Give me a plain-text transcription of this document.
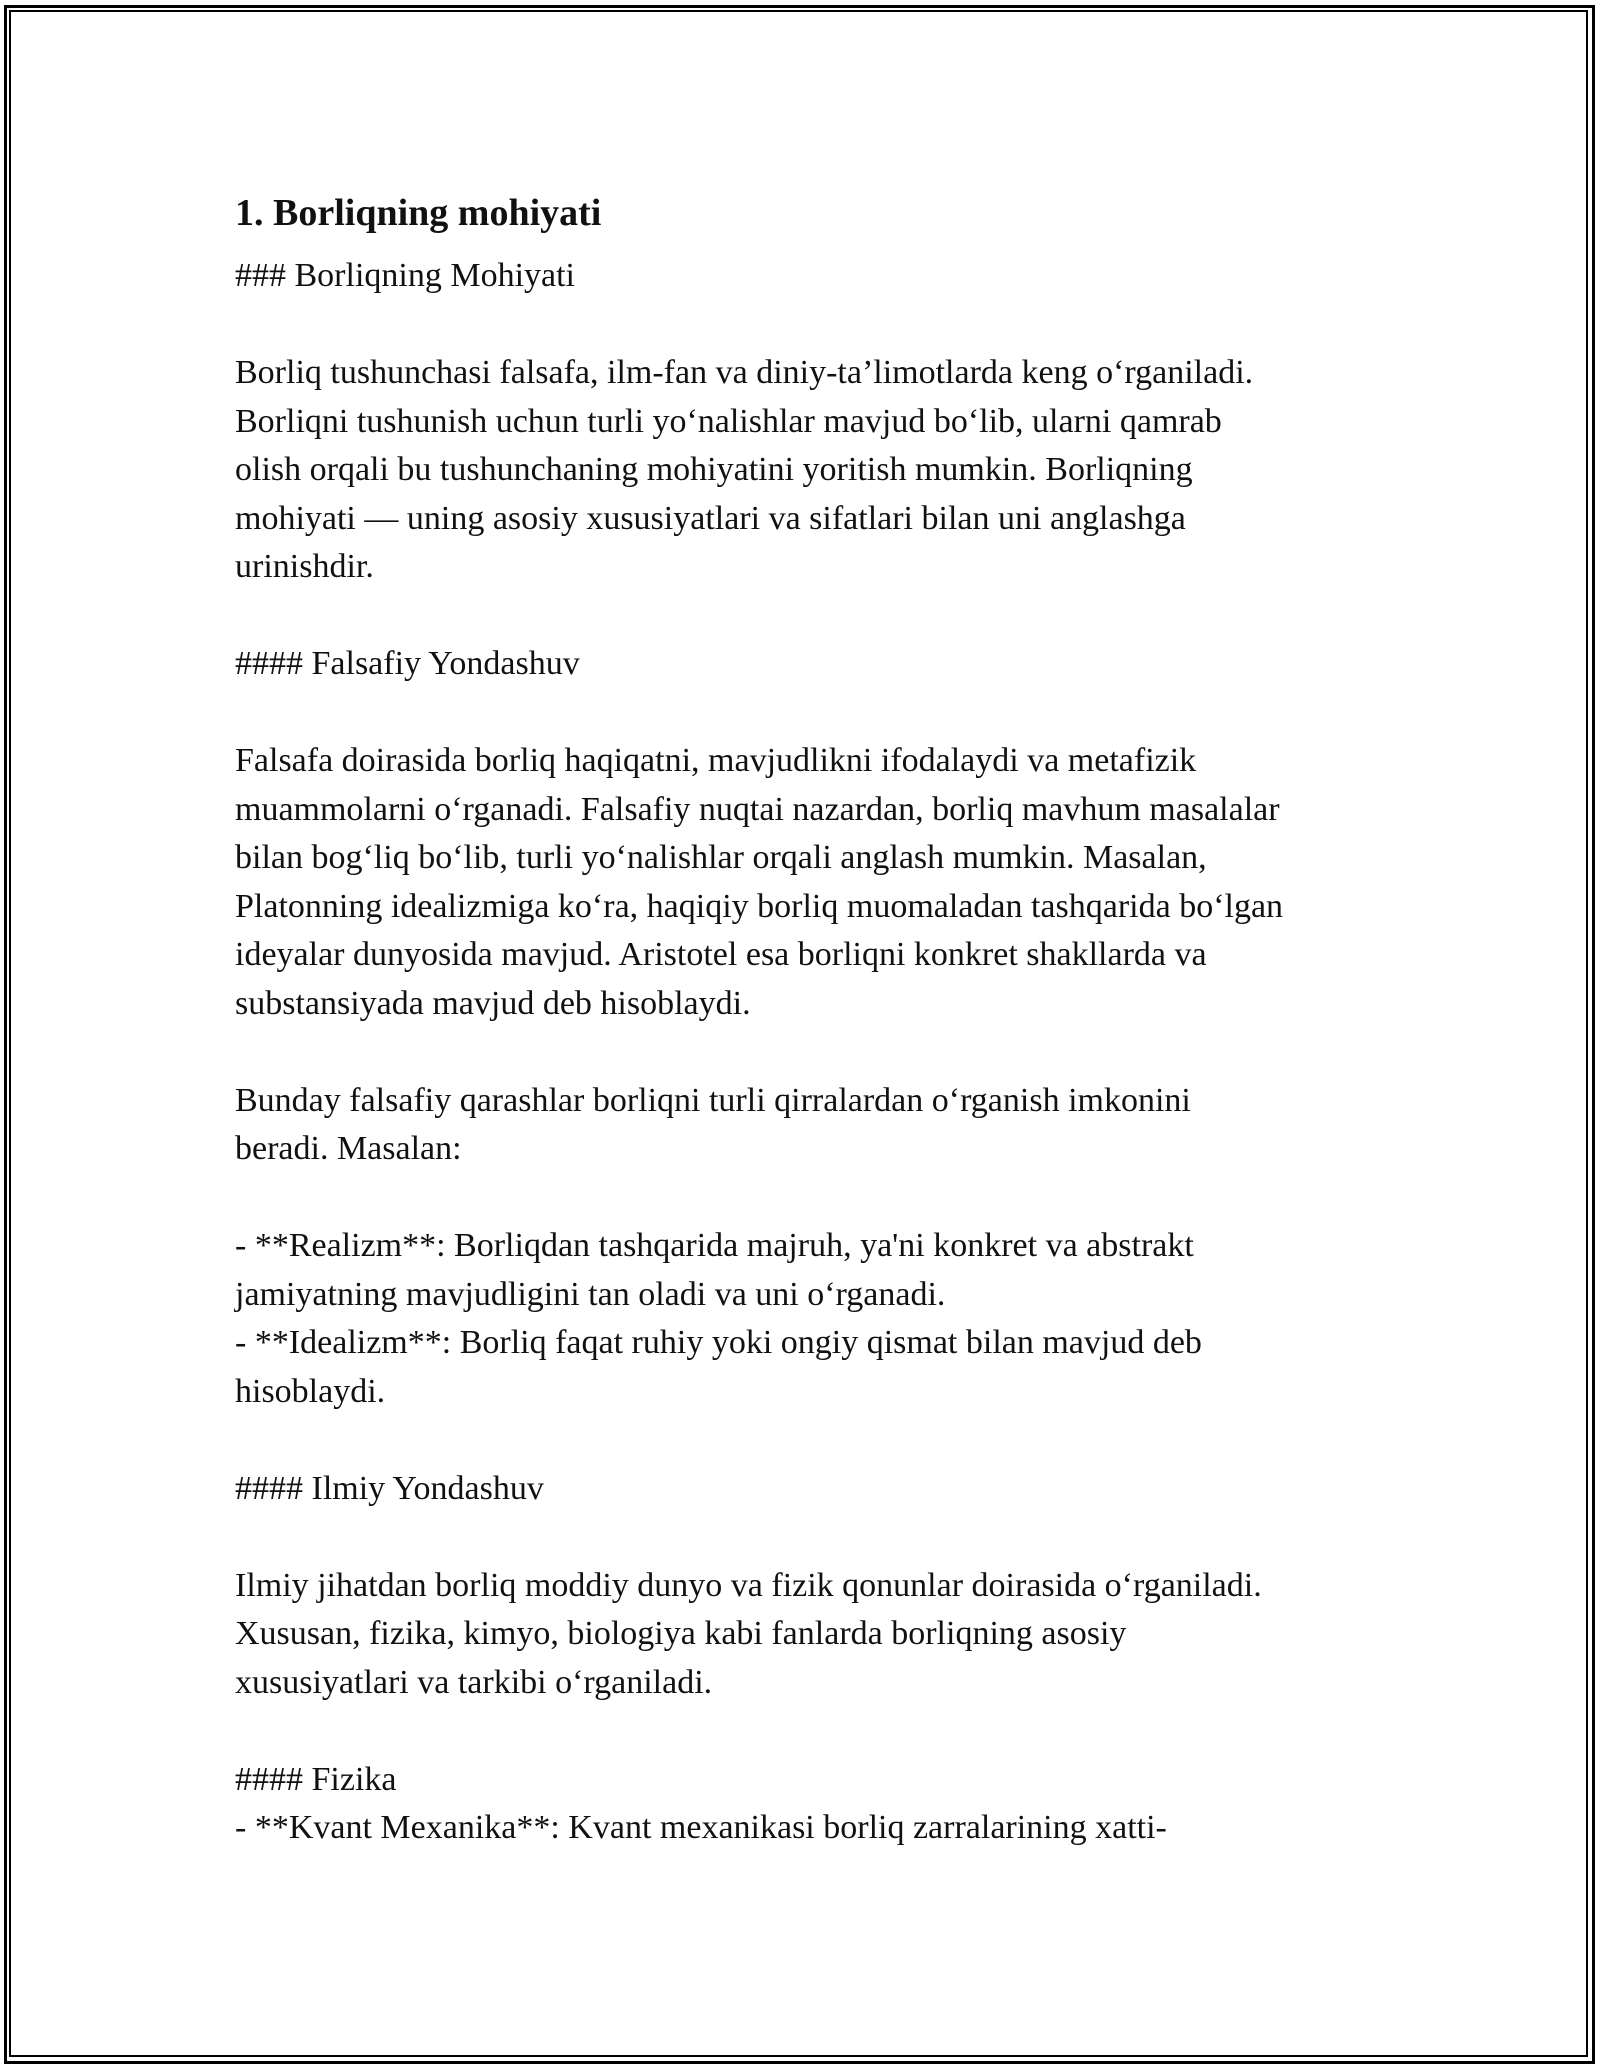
1. Borliqning mohiyati
### Borliqning Mohiyati
Borliq tushunchasi falsafa, ilm-fan va diniy-ta’limotlarda keng o‘rganiladi.
Borliqni tushunish uchun turli yo‘nalishlar mavjud bo‘lib, ularni qamrab
olish orqali bu tushunchaning mohiyatini yoritish mumkin. Borliqning
mohiyati — uning asosiy xususiyatlari va sifatlari bilan uni anglashga
urinishdir.
#### Falsafiy Yondashuv
Falsafa doirasida borliq haqiqatni, mavjudlikni ifodalaydi va metafizik
muammolarni o‘rganadi. Falsafiy nuqtai nazardan, borliq mavhum masalalar
bilan bog‘liq bo‘lib, turli yo‘nalishlar orqali anglash mumkin. Masalan,
Platonning idealizmiga ko‘ra, haqiqiy borliq muomaladan tashqarida bo‘lgan
ideyalar dunyosida mavjud. Aristotel esa borliqni konkret shakllarda va
substansiyada mavjud deb hisoblaydi.
Bunday falsafiy qarashlar borliqni turli qirralardan o‘rganish imkonini
beradi. Masalan:
- **Realizm**: Borliqdan tashqarida majruh, ya'ni konkret va abstrakt
jamiyatning mavjudligini tan oladi va uni o‘rganadi.
- **Idealizm**: Borliq faqat ruhiy yoki ongiy qismat bilan mavjud deb
hisoblaydi.
#### Ilmiy Yondashuv
Ilmiy jihatdan borliq moddiy dunyo va fizik qonunlar doirasida o‘rganiladi.
Xususan, fizika, kimyo, biologiya kabi fanlarda borliqning asosiy
xususiyatlari va tarkibi o‘rganiladi.
#### Fizika
- **Kvant Mexanika**: Kvant mexanikasi borliq zarralarining xatti-
